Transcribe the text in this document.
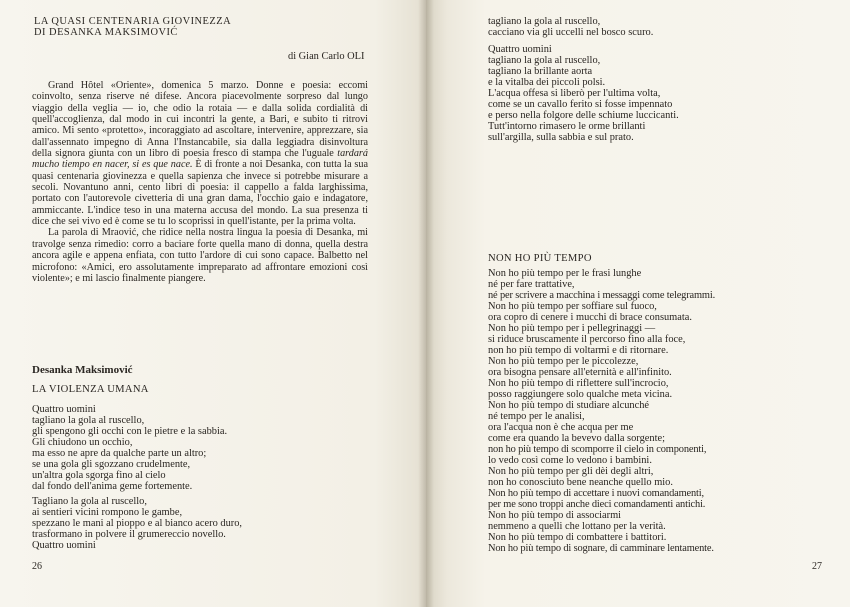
LA QUASI CENTENARIA GIOVINEZZA
DI DESANKA MAKSIMOVIĆ
di Gian Carlo OLI

Grand Hôtel «Oriente», domenica 5 marzo. Donne e poesia: eccomi coinvolto, senza riserve né difese. Ancora piacevolmente sorpreso dal lungo viaggio della veglia — io, che odio la rotaia — e dalla solida cordialità di quell'accoglienza, dal modo in cui incontri la gente, a Bari, e subito ti ritrovi amico. Mi sento «protetto», incoraggiato ad ascoltare, intervenire, apprezzare, sia dall'assennato impegno di Anna l'Instancabile, sia dalla leggiadra disinvoltura della signora giunta con un libro di poesia fresco di stampa che l'uguale tardará mucho tiempo en nacer, si es que nace. È di fronte a noi Desanka, con tutta la sua quasi centenaria giovinezza e quella sapienza che invece si potrebbe misurare a secoli. Novantuno anni, cento libri di poesia: il cappello a falda larghissima, portato con l'autorevole civetteria di una gran dama, l'occhio gaio e indagatore, ammiccante. L'indice teso in una materna accusa del mondo. La sua presenza ti dice che sei vivo ed è come se tu lo scoprissi in quell'istante, per la prima volta.

La parola di Mraović, che ridice nella nostra lingua la poesia di Desanka, mi travolge senza rimedio: corro a baciare forte quella mano di donna, quella destra ancora agile e appena enfiata, con tutto l'ardore di cui sono capace. Balbetto nel microfono: «Amici, ero assolutamente impreparato ad affrontare emozioni così violente»; e mi lascio finalmente piangere.

Desanka Maksimović
LA VIOLENZA UMANA
Quattro uomini
tagliano la gola al ruscello,
gli spengono gli occhi con le pietre e la sabbia.
Gli chiudono un occhio,
ma esso ne apre da qualche parte un altro;
se una gola gli sgozzano crudelmente,
un'altra gola sgorga fino al cielo
dal fondo dell'anima geme fortemente.
Tagliano la gola al ruscello,
ai sentieri vicini rompono le gambe,
spezzano le mani al pioppo e al bianco acero duro,
trasformano in polvere il grumereccio novello.
Quattro uomini
26
tagliano la gola al ruscello,
cacciano via gli uccelli nel bosco scuro.
Quattro uomini
tagliano la gola al ruscello,
tagliano la brillante aorta
e la vitalba dei piccoli polsi.
L'acqua offesa si liberò per l'ultima volta,
come se un cavallo ferito si fosse impennato
e perso nella folgore delle schiume luccicanti.
Tutt'intorno rimasero le orme brillanti
sull'argilla, sulla sabbia e sul prato.
NON HO PIÙ TEMPO
Non ho più tempo per le frasi lunghe
né per fare trattative,
né per scrivere a macchina i messaggi come telegrammi.
Non ho più tempo per soffiare sul fuoco,
ora copro di cenere i mucchi di brace consumata.
Non ho più tempo per i pellegrinaggi —
si riduce bruscamente il percorso fino alla foce,
non ho più tempo di voltarmi e di ritornare.
Non ho più tempo per le piccolezze,
ora bisogna pensare all'eternità e all'infinito.
Non ho più tempo di riflettere sull'incrocio,
posso raggiungere solo qualche meta vicina.
Non ho più tempo di studiare alcunché
né tempo per le analisi,
ora l'acqua non è che acqua per me
come era quando la bevevo dalla sorgente;
non ho più tempo di scomporre il cielo in componenti,
lo vedo così come lo vedono i bambini.
Non ho più tempo per gli dèi degli altri,
non ho conosciuto bene neanche quello mio.
Non ho più tempo di accettare i nuovi comandamenti,
per me sono troppi anche dieci comandamenti antichi.
Non ho più tempo di associarmi
nemmeno a quelli che lottano per la verità.
Non ho più tempo di combattere i battitori.
Non ho più tempo di sognare, di camminare lentamente.
27
